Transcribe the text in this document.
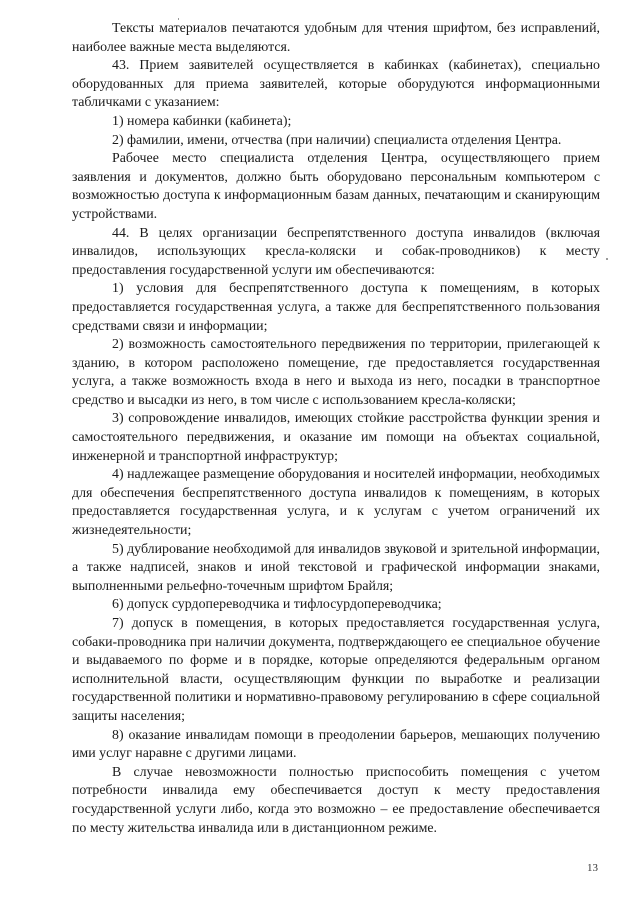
Тексты материалов печатаются удобным для чтения шрифтом, без исправлений, наиболее важные места выделяются.

43. Прием заявителей осуществляется в кабинках (кабинетах), специально оборудованных для приема заявителей, которые оборудуются информационными табличками с указанием:

1) номера кабинки (кабинета);

2) фамилии, имени, отчества (при наличии) специалиста отделения Центра.

Рабочее место специалиста отделения Центра, осуществляющего прием заявления и документов, должно быть оборудовано персональным компьютером с возможностью доступа к информационным базам данных, печатающим и сканирующим устройствами.

44. В целях организации беспрепятственного доступа инвалидов (включая инвалидов, использующих кресла-коляски и собак-проводников) к месту предоставления государственной услуги им обеспечиваются:

1) условия для беспрепятственного доступа к помещениям, в которых предоставляется государственная услуга, а также для беспрепятственного пользования средствами связи и информации;

2) возможность самостоятельного передвижения по территории, прилегающей к зданию, в котором расположено помещение, где предоставляется государственная услуга, а также возможность входа в него и выхода из него, посадки в транспортное средство и высадки из него, в том числе с использованием кресла-коляски;

3) сопровождение инвалидов, имеющих стойкие расстройства функции зрения и самостоятельного передвижения, и оказание им помощи на объектах социальной, инженерной и транспортной инфраструктур;

4) надлежащее размещение оборудования и носителей информации, необходимых для обеспечения беспрепятственного доступа инвалидов к помещениям, в которых предоставляется государственная услуга, и к услугам с учетом ограничений их жизнедеятельности;

5) дублирование необходимой для инвалидов звуковой и зрительной информации, а также надписей, знаков и иной текстовой и графической информации знаками, выполненными рельефно-точечным шрифтом Брайля;

6) допуск сурдопереводчика и тифлосурдопереводчика;

7) допуск в помещения, в которых предоставляется государственная услуга, собаки-проводника при наличии документа, подтверждающего ее специальное обучение и выдаваемого по форме и в порядке, которые определяются федеральным органом исполнительной власти, осуществляющим функции по выработке и реализации государственной политики и нормативно-правовому регулированию в сфере социальной защиты населения;

8) оказание инвалидам помощи в преодолении барьеров, мешающих получению ими услуг наравне с другими лицами.

В случае невозможности полностью приспособить помещения с учетом потребности инвалида ему обеспечивается доступ к месту предоставления государственной услуги либо, когда это возможно – ее предоставление обеспечивается по месту жительства инвалида или в дистанционном режиме.

13
